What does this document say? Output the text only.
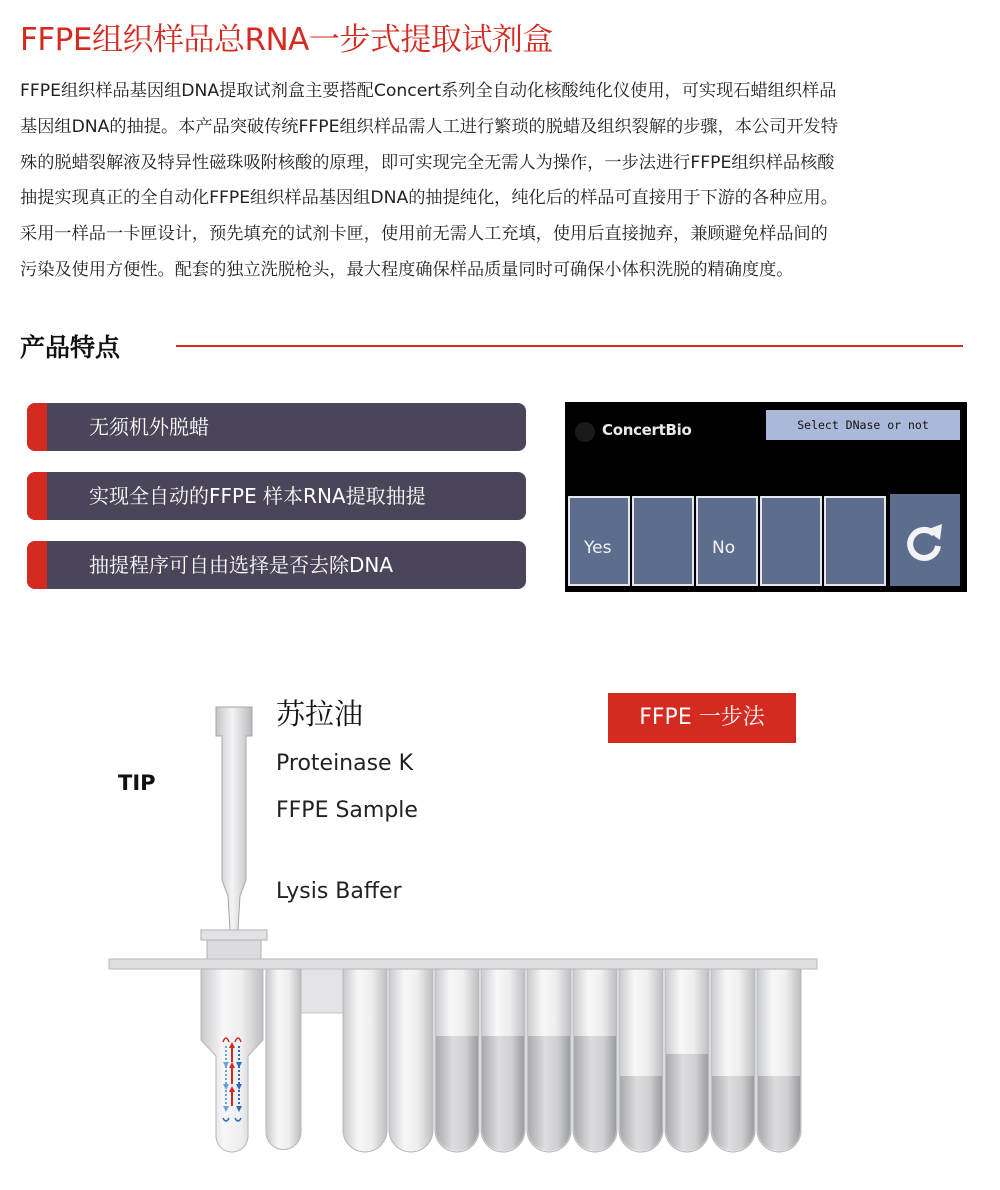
FFPE组织样品总RNA一步式提取试剂盒

FFPE组织样品基因组DNA提取试剂盒主要搭配Concert系列全自动化核酸纯化仪使用，可实现石蜡组织样品

基因组DNA的抽提。本产品突破传统FFPE组织样品需人工进行繁琐的脱蜡及组织裂解的步骤，本公司开发特

殊的脱蜡裂解液及特异性磁珠吸附核酸的原理，即可实现完全无需人为操作，一步法进行FFPE组织样品核酸

抽提实现真正的全自动化FFPE组织样品基因组DNA的抽提纯化，纯化后的样品可直接用于下游的各种应用。

采用一样品一卡匣设计，预先填充的试剂卡匣，使用前无需人工充填，使用后直接抛弃，兼顾避免样品间的

污染及使用方便性。配套的独立洗脱枪头，最大程度确保样品质量同时可确保小体积洗脱的精确度度。

产品特点
无须机外脱蜡
实现全自动的FFPE 样本RNA提取抽提
抽提程序可自由选择是否去除DNA
ConcertBio	Select DNase or not
Yes	No
TIP
苏拉油
Proteinase K
FFPE Sample
Lysis Baffer
FFPE 一步法
